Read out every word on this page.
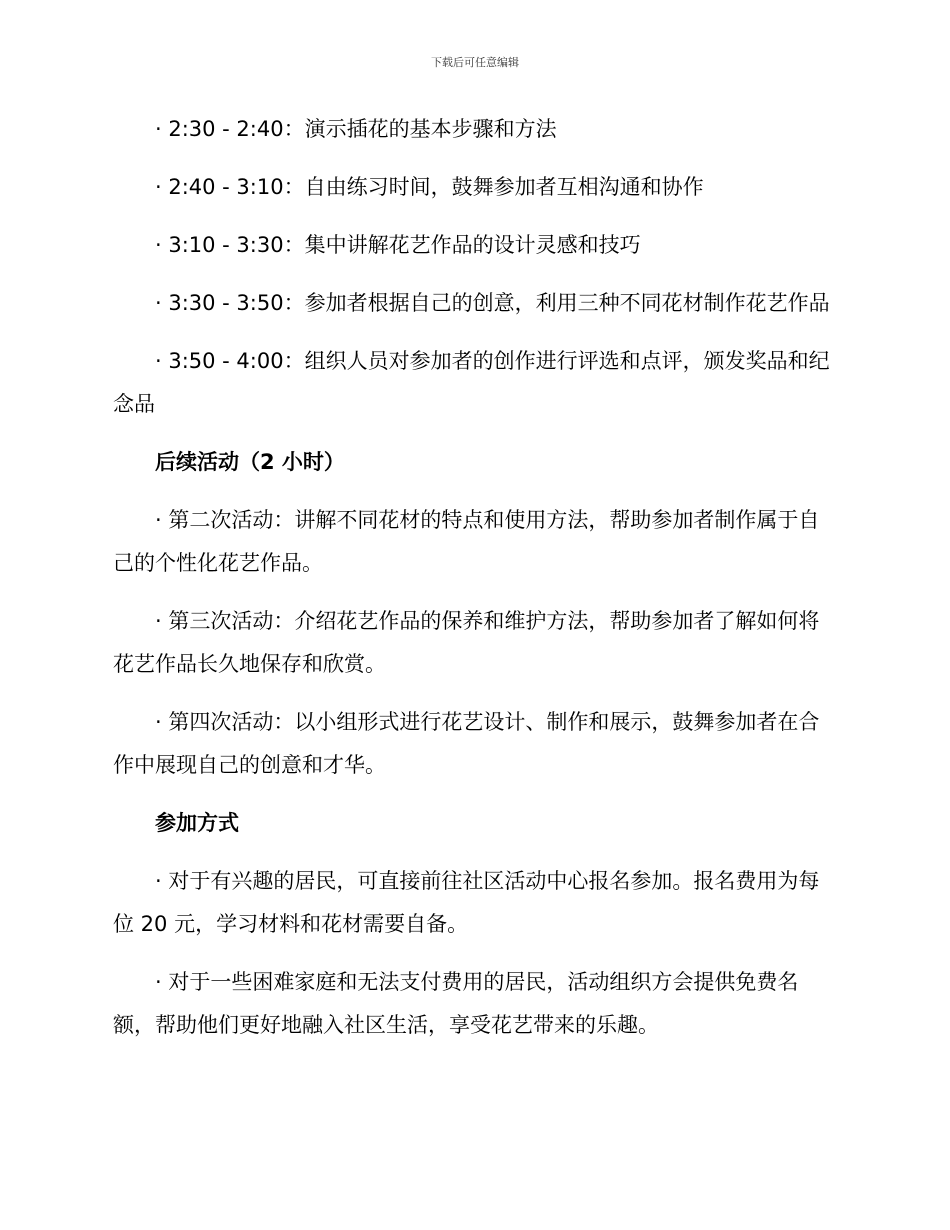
下载后可任意编辑

· 2:30 - 2:40：演示插花的基本步骤和方法

· 2:40 - 3:10：自由练习时间，鼓舞参加者互相沟通和协作

· 3:10 - 3:30：集中讲解花艺作品的设计灵感和技巧

· 3:30 - 3:50：参加者根据自己的创意，利用三种不同花材制作花艺作品

· 3:50 - 4:00：组织人员对参加者的创作进行评选和点评，颁发奖品和纪念品

后续活动（2 小时）

· 第二次活动：讲解不同花材的特点和使用方法，帮助参加者制作属于自己的个性化花艺作品。

· 第三次活动：介绍花艺作品的保养和维护方法，帮助参加者了解如何将花艺作品长久地保存和欣赏。

· 第四次活动：以小组形式进行花艺设计、制作和展示，鼓舞参加者在合作中展现自己的创意和才华。

参加方式

· 对于有兴趣的居民，可直接前往社区活动中心报名参加。报名费用为每位 20 元，学习材料和花材需要自备。

· 对于一些困难家庭和无法支付费用的居民，活动组织方会提供免费名额，帮助他们更好地融入社区生活，享受花艺带来的乐趣。
